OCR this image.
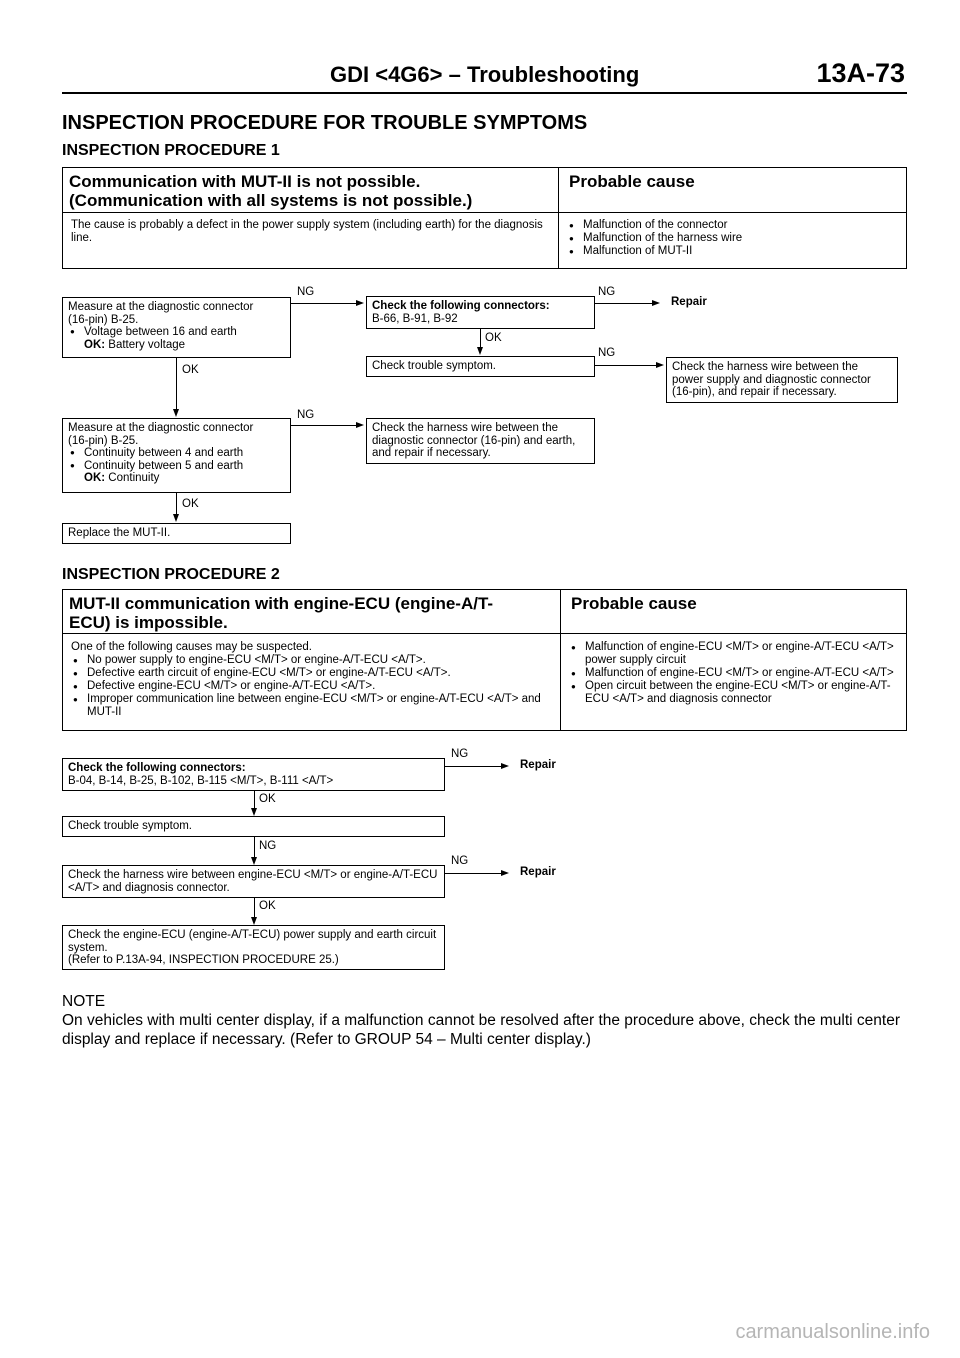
GDI <4G6> – Troubleshooting	13A-73
INSPECTION PROCEDURE FOR TROUBLE SYMPTOMS
INSPECTION PROCEDURE 1
Communication with MUT-II is not possible.
(Communication with all systems is not possible.)
Probable cause
The cause is probably a defect in the power supply system (including earth) for the diagnosis line.
● Malfunction of the connector
● Malfunction of the harness wire
● Malfunction of MUT-II
Measure at the diagnostic connector
(16-pin) B-25.
● Voltage between 16 and earth
OK: Battery voltage
NG
Check the following connectors:
B-66, B-91, B-92
NG
Repair
OK
Check trouble symptom.
NG
Check the harness wire between the power supply and diagnostic connector (16-pin), and repair if necessary.
OK
Measure at the diagnostic connector
(16-pin) B-25.
● Continuity between 4 and earth
● Continuity between 5 and earth
OK: Continuity
NG
Check the harness wire between the diagnostic connector (16-pin) and earth, and repair if necessary.
OK
Replace the MUT-II.
INSPECTION PROCEDURE 2
MUT-II communication with engine-ECU (engine-A/T-
ECU) is impossible.
Probable cause
One of the following causes may be suspected.
● No power supply to engine-ECU <M/T> or engine-A/T-ECU <A/T>.
● Defective earth circuit of engine-ECU <M/T> or engine-A/T-ECU <A/T>.
● Defective engine-ECU <M/T> or engine-A/T-ECU <A/T>.
● Improper communication line between engine-ECU <M/T> or engine-A/T-ECU <A/T> and MUT-II
● Malfunction of engine-ECU <M/T> or engine-A/T-ECU <A/T> power supply circuit
● Malfunction of engine-ECU <M/T> or engine-A/T-ECU <A/T>
● Open circuit between the engine-ECU <M/T> or engine-A/T-ECU <A/T> and diagnosis connector
Check the following connectors:
B-04, B-14, B-25, B-102, B-115 <M/T>, B-111 <A/T>
NG
Repair
OK
Check trouble symptom.
NG
Check the harness wire between engine-ECU <M/T> or engine-A/T-ECU <A/T> and diagnosis connector.
NG
Repair
OK
Check the engine-ECU (engine-A/T-ECU) power supply and earth circuit system.
(Refer to P.13A-94, INSPECTION PROCEDURE 25.)
NOTE
On vehicles with multi center display, if a malfunction cannot be resolved after the procedure above, check the multi center display and replace if necessary. (Refer to GROUP 54 – Multi center display.)
carmanualsonline.info
